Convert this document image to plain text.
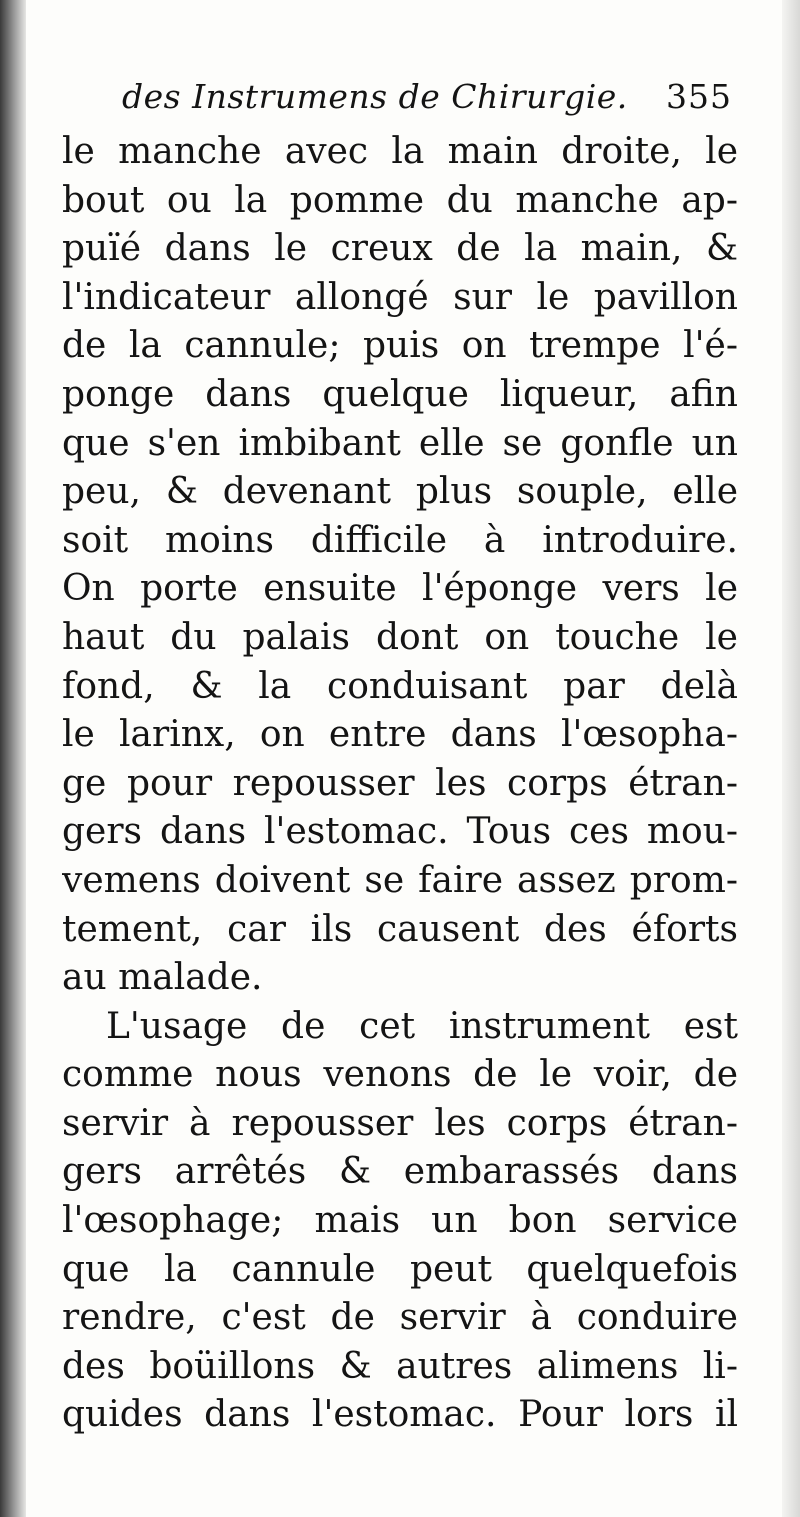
des Instrumens de Chirurgie. 355
le manche avec la main droite, le
bout ou la pomme du manche ap-
puïé dans le creux de la main, &
l'indicateur allongé sur le pavillon
de la cannule; puis on trempe l'é-
ponge dans quelque liqueur, afin
que s'en imbibant elle se gonfle un
peu, & devenant plus souple, elle
soit moins difficile à introduire.
On porte ensuite l'éponge vers le
haut du palais dont on touche le
fond, & la conduisant par delà
le larinx, on entre dans l'œsopha-
ge pour repousser les corps étran-
gers dans l'estomac. Tous ces mou-
vemens doivent se faire assez prom-
tement, car ils causent des éforts
au malade.
L'usage de cet instrument est
comme nous venons de le voir, de
servir à repousser les corps étran-
gers arrêtés & embarassés dans
l'œsophage; mais un bon service
que la cannule peut quelquefois
rendre, c'est de servir à conduire
des boüillons & autres alimens li-
quides dans l'estomac. Pour lors il
